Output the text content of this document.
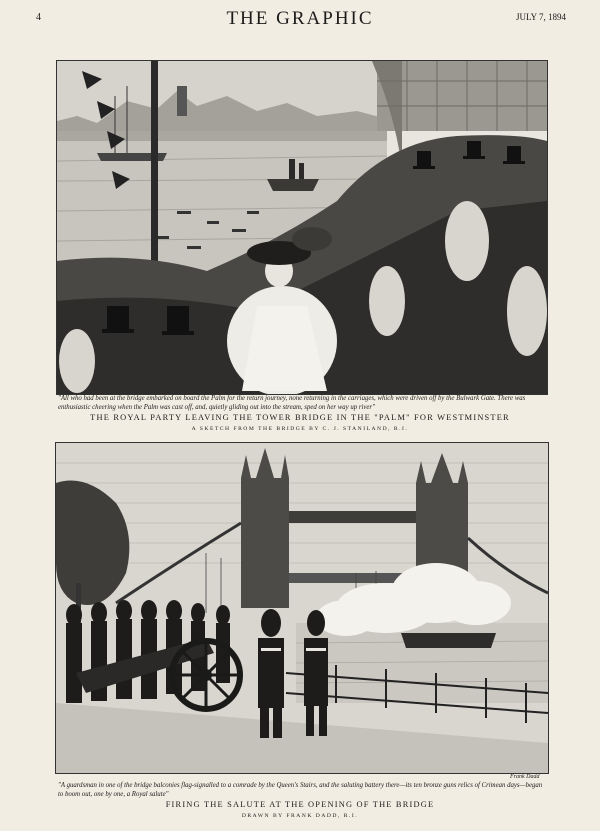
4	THE GRAPHIC	JULY 7, 1894
"All who had been at the bridge embarked on board the Palm for the return journey, none returning in the carriages, which were driven off by the Bulwark Gate. There was enthusiastic cheering when the Palm was cast off, and, quietly gliding out into the stream, sped on her way up river"
THE ROYAL PARTY LEAVING THE TOWER BRIDGE IN THE "PALM" FOR WESTMINSTER
A SKETCH FROM THE BRIDGE BY C. J. STANILAND, R.I.
Frank Dadd
"A guardsman in one of the bridge balconies flag-signalled to a comrade by the Queen's Stairs, and the saluting battery there—its ten bronze guns relics of Crimean days—began to boom out, one by one, a Royal salute"
FIRING THE SALUTE AT THE OPENING OF THE BRIDGE
DRAWN BY FRANK DADD, R.I.
